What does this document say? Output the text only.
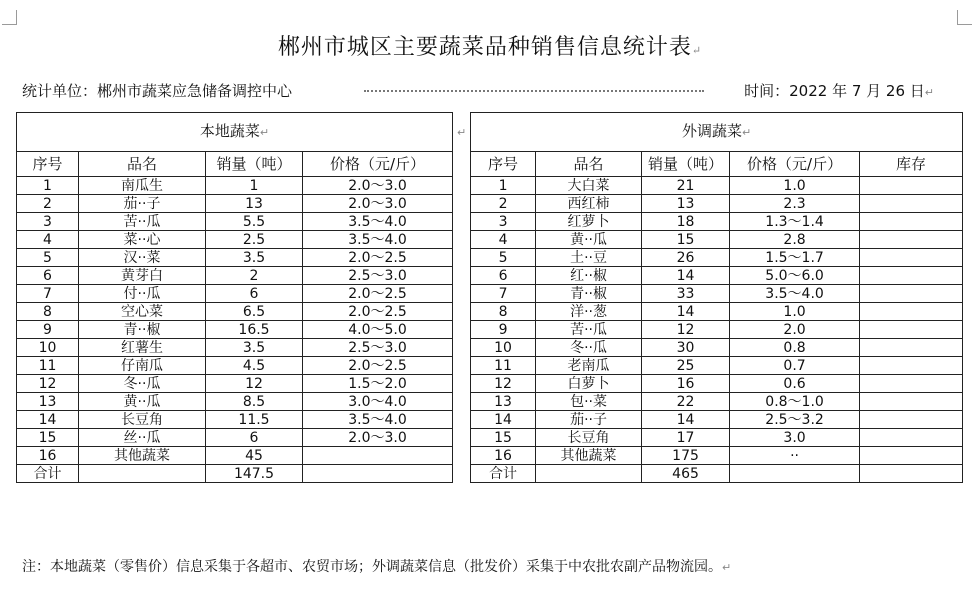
郴州市城区主要蔬菜品种销售信息统计表↵
统计单位：郴州市蔬菜应急储备调控中心	时间：2022 年 7 月 26 日↵
本地蔬菜↵				↵	外调蔬菜↵				
序号	品名	销量（吨）	价格（元/斤）		序号	品名	销量（吨）	价格（元/斤）	库存
1	南瓜生	1	2.0～3.0		1	大白菜	21	1.0	
2	茄··子	13	2.0～3.0		2	西红柿	13	2.3	
3	苦··瓜	5.5	3.5～4.0		3	红萝卜	18	1.3～1.4	
4	菜··心	2.5	3.5～4.0		4	黄··瓜	15	2.8	
5	汉··菜	3.5	2.0～2.5		5	土··豆	26	1.5～1.7	
6	黄芽白	2	2.5～3.0		6	红··椒	14	5.0～6.0	
7	付··瓜	6	2.0～2.5		7	青··椒	33	3.5～4.0	
8	空心菜	6.5	2.0～2.5		8	洋··葱	14	1.0	
9	青··椒	16.5	4.0～5.0		9	苦··瓜	12	2.0	
10	红薯生	3.5	2.5～3.0		10	冬··瓜	30	0.8	
11	仔南瓜	4.5	2.0～2.5		11	老南瓜	25	0.7	
12	冬··瓜	12	1.5～2.0		12	白萝卜	16	0.6	
13	黄··瓜	8.5	3.0～4.0		13	包··菜	22	0.8～1.0	
14	长豆角	11.5	3.5～4.0		14	茄··子	14	2.5～3.2	
15	丝··瓜	6	2.0～3.0		15	长豆角	17	3.0	
16	其他蔬菜	45			16	其他蔬菜	175	··	
合计		147.5			合计		465		
注：本地蔬菜（零售价）信息采集于各超市、农贸市场；外调蔬菜信息（批发价）采集于中农批农副产品物流园。↵
